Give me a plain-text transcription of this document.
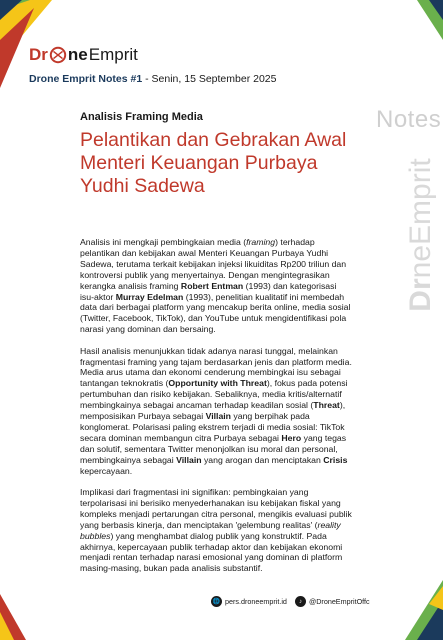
Dr ne Emprit
Drone Emprit Notes #1 - Senin, 15 September 2025
Notes
DrneEmprit
Analisis Framing Media
Pelantikan dan Gebrakan Awal Menteri Keuangan Purbaya Yudhi Sadewa

Analisis ini mengkaji pembingkaian media (framing) terhadap pelantikan dan kebijakan awal Menteri Keuangan Purbaya Yudhi Sadewa, terutama terkait kebijakan injeksi likuiditas Rp200 triliun dan kontroversi publik yang menyertainya. Dengan mengintegrasikan kerangka analisis framing Robert Entman (1993) dan kategorisasi isu-aktor Murray Edelman (1993), penelitian kualitatif ini membedah data dari berbagai platform yang mencakup berita online, media sosial (Twitter, Facebook, TikTok), dan YouTube untuk mengidentifikasi pola narasi yang dominan dan bersaing.

Hasil analisis menunjukkan tidak adanya narasi tunggal, melainkan fragmentasi framing yang tajam berdasarkan jenis dan platform media. Media arus utama dan ekonomi cenderung membingkai isu sebagai tantangan teknokratis (Opportunity with Threat), fokus pada potensi pertumbuhan dan risiko kebijakan. Sebaliknya, media kritis/alternatif membingkainya sebagai ancaman terhadap keadilan sosial (Threat), memposisikan Purbaya sebagai Villain yang berpihak pada konglomerat. Polarisasi paling ekstrem terjadi di media sosial: TikTok secara dominan membangun citra Purbaya sebagai Hero yang tegas dan solutif, sementara Twitter menonjolkan isu moral dan personal, membingkainya sebagai Villain yang arogan dan menciptakan Crisis kepercayaan.

Implikasi dari fragmentasi ini signifikan: pembingkaian yang terpolarisasi ini berisiko menyederhanakan isu kebijakan fiskal yang kompleks menjadi pertarungan citra personal, mengikis evaluasi publik yang berbasis kinerja, dan menciptakan 'gelembung realitas' (reality bubbles) yang menghambat dialog publik yang konstruktif. Pada akhirnya, kepercayaan publik terhadap aktor dan kebijakan ekonomi menjadi rentan terhadap narasi emosional yang dominan di platform masing-masing, bukan pada analisis substantif.

🌐 pers.droneemprit.id	♪ @DroneEmpritOffc
